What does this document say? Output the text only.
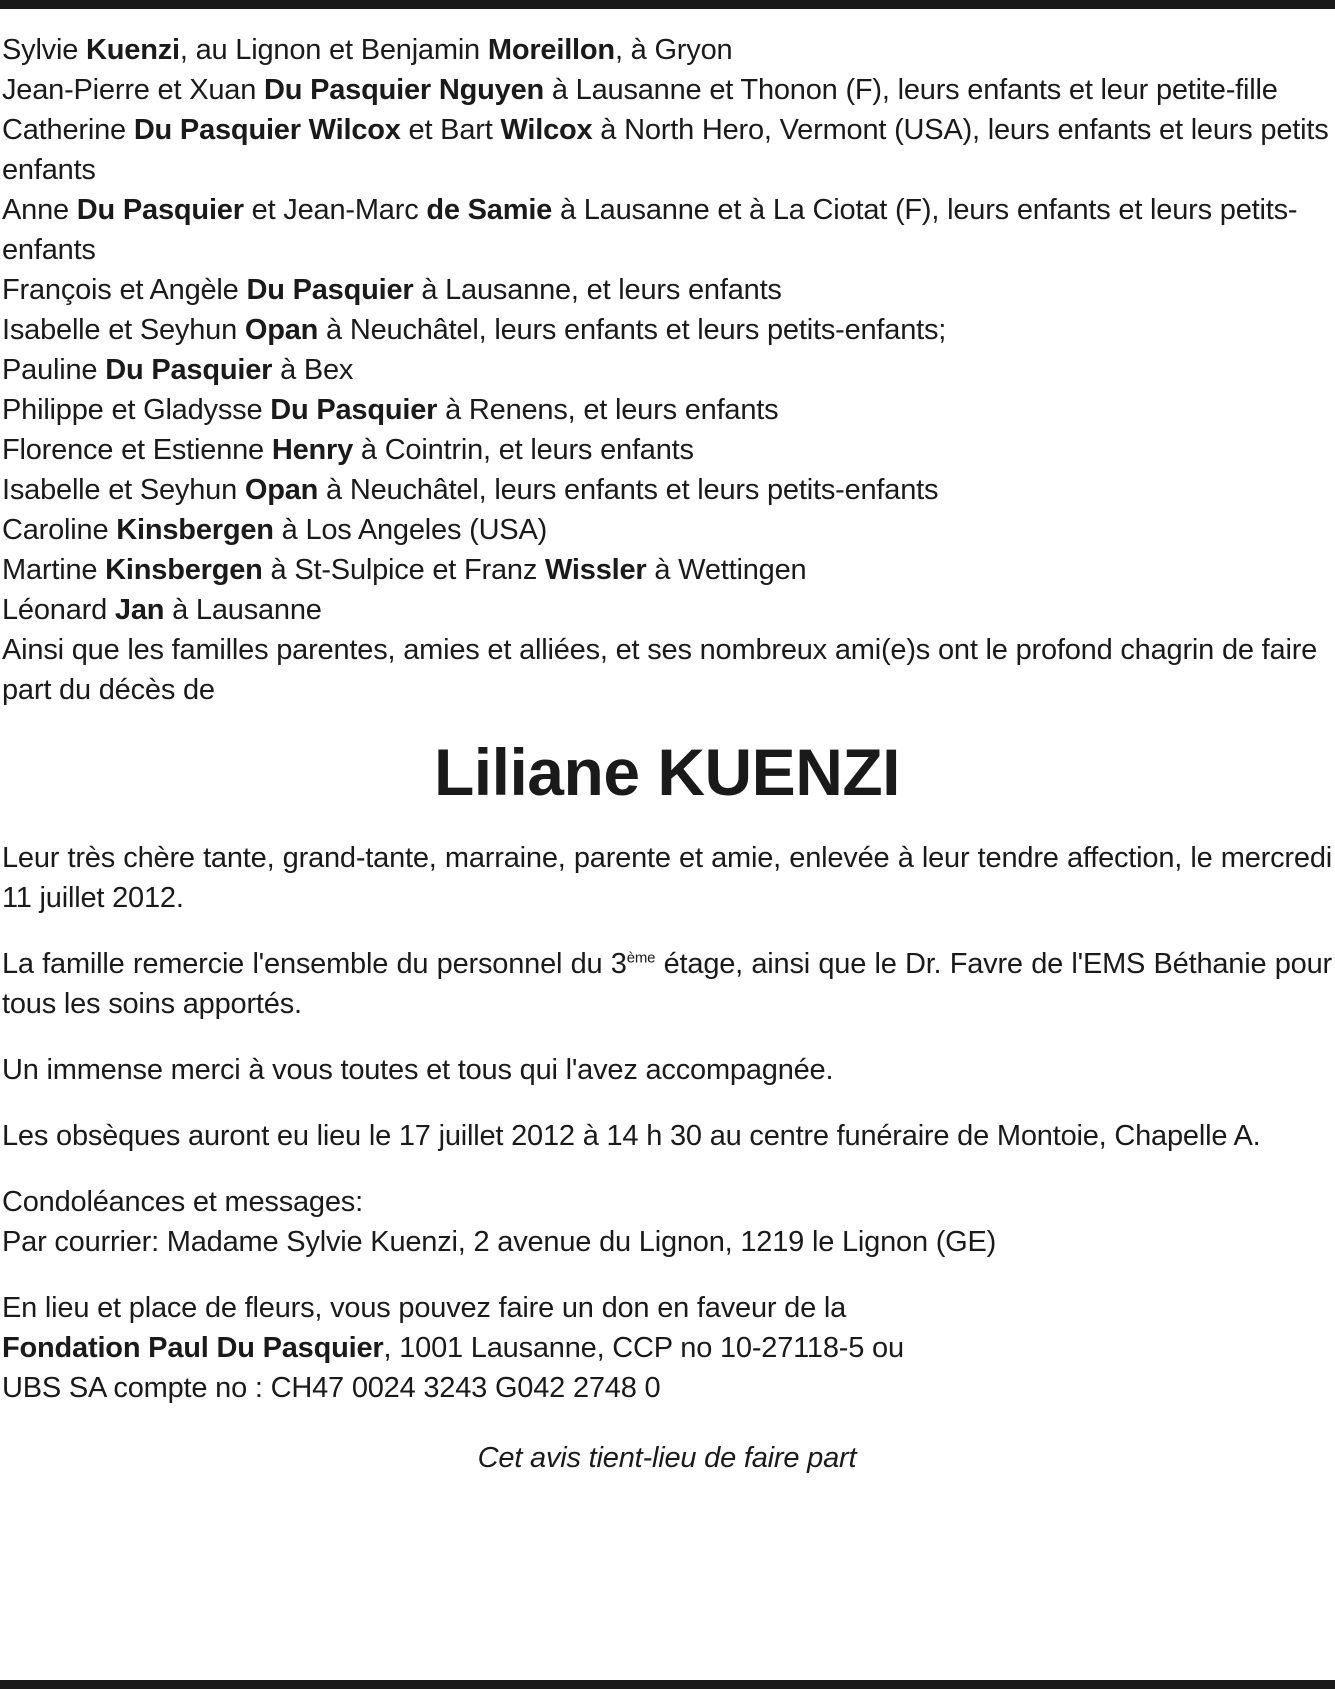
Sylvie Kuenzi, au Lignon et Benjamin Moreillon, à Gryon
Jean-Pierre et Xuan Du Pasquier Nguyen à Lausanne et Thonon (F), leurs enfants et leur petite-fille
Catherine Du Pasquier Wilcox et Bart Wilcox à North Hero, Vermont (USA), leurs enfants et leurs petits enfants
Anne Du Pasquier et Jean-Marc de Samie à Lausanne et à La Ciotat (F), leurs enfants et leurs petits-enfants
François et Angèle Du Pasquier à Lausanne, et leurs enfants
Isabelle et Seyhun Opan à Neuchâtel, leurs enfants et leurs petits-enfants;
Pauline Du Pasquier à Bex
Philippe et Gladysse Du Pasquier à Renens, et leurs enfants
Florence et Estienne Henry à Cointrin, et leurs enfants
Isabelle et Seyhun Opan à Neuchâtel, leurs enfants et leurs petits-enfants
Caroline Kinsbergen à Los Angeles (USA)
Martine Kinsbergen à St-Sulpice et Franz Wissler à Wettingen
Léonard Jan à Lausanne
Ainsi que les familles parentes, amies et alliées, et ses nombreux ami(e)s ont le profond chagrin de faire part du décès de
Liliane KUENZI

Leur très chère tante, grand-tante, marraine, parente et amie, enlevée à leur tendre affection, le mercredi 11 juillet 2012.

La famille remercie l'ensemble du personnel du 3ème étage, ainsi que le Dr. Favre de l'EMS Béthanie pour tous les soins apportés.

Un immense merci à vous toutes et tous qui l'avez accompagnée.

Les obsèques auront eu lieu le 17 juillet 2012 à 14 h 30 au centre funéraire de Montoie, Chapelle A.

Condoléances et messages:
Par courrier: Madame Sylvie Kuenzi, 2 avenue du Lignon, 1219 le Lignon (GE)

En lieu et place de fleurs, vous pouvez faire un don en faveur de la
Fondation Paul Du Pasquier, 1001 Lausanne, CCP no 10-27118-5 ou
UBS SA compte no : CH47 0024 3243 G042 2748 0

Cet avis tient-lieu de faire part
